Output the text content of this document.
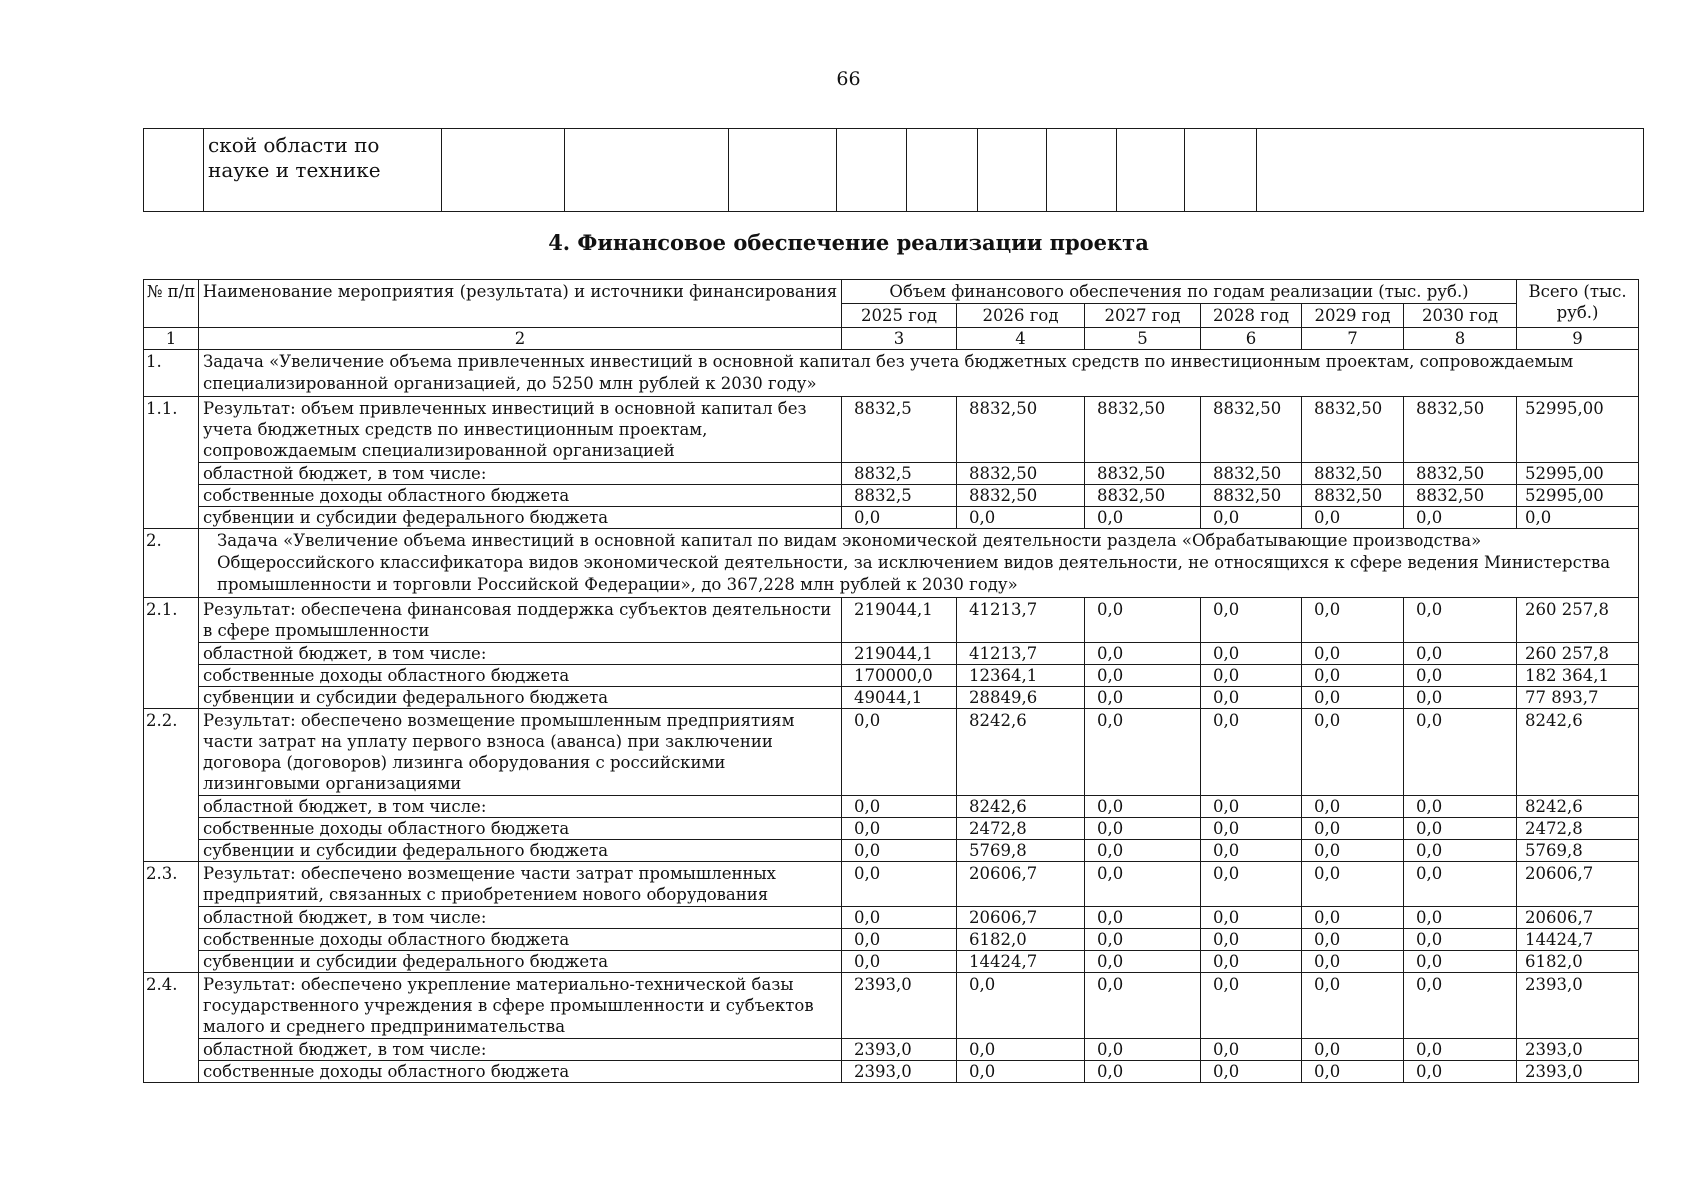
66
	ской области по науке и технике										
4. Финансовое обеспечение реализации проекта
№ п/п	Наименование мероприятия (результата) и источники финансирования	Объем финансового обеспечения по годам реализации (тыс. руб.)						Всего (тыс. руб.)
		2025 год	2026 год	2027 год	2028 год	2029 год	2030 год	
1	2	3	4	5	6	7	8	9
1.	Задача «Увеличение объема привлеченных инвестиций в основной капитал без учета бюджетных средств по инвестиционным проектам, сопровождаемым специализированной организацией, до 5250 млн рублей к 2030 году»							
1.1.	Результат: объем привлеченных инвестиций в основной капитал без учета бюджетных средств по инвестиционным проектам, сопровождаемым специализированной организацией	8832,5	8832,50	8832,50	8832,50	8832,50	8832,50	52995,00
	областной бюджет, в том числе:	8832,5	8832,50	8832,50	8832,50	8832,50	8832,50	52995,00
	собственные доходы областного бюджета	8832,5	8832,50	8832,50	8832,50	8832,50	8832,50	52995,00
	субвенции и субсидии федерального бюджета	0,0	0,0	0,0	0,0	0,0	0,0	0,0
2.	Задача «Увеличение объема инвестиций в основной капитал по видам экономической деятельности раздела «Обрабатывающие производства» Общероссийского классификатора видов экономической деятельности, за исключением видов деятельности, не относящихся к сфере ведения Министерства промышленности и торговли Российской Федерации», до 367,228 млн рублей к 2030 году»							
2.1.	Результат: обеспечена финансовая поддержка субъектов деятельности в сфере промышленности	219044,1	41213,7	0,0	0,0	0,0	0,0	260 257,8
	областной бюджет, в том числе:	219044,1	41213,7	0,0	0,0	0,0	0,0	260 257,8
	собственные доходы областного бюджета	170000,0	12364,1	0,0	0,0	0,0	0,0	182 364,1
	субвенции и субсидии федерального бюджета	49044,1	28849,6	0,0	0,0	0,0	0,0	77 893,7
2.2.	Результат: обеспечено возмещение промышленным предприятиям части затрат на уплату первого взноса (аванса) при заключении договора (договоров) лизинга оборудования с российскими лизинговыми организациями	0,0	8242,6	0,0	0,0	0,0	0,0	8242,6
	областной бюджет, в том числе:	0,0	8242,6	0,0	0,0	0,0	0,0	8242,6
	собственные доходы областного бюджета	0,0	2472,8	0,0	0,0	0,0	0,0	2472,8
	субвенции и субсидии федерального бюджета	0,0	5769,8	0,0	0,0	0,0	0,0	5769,8
2.3.	Результат: обеспечено возмещение части затрат промышленных предприятий, связанных с приобретением нового оборудования	0,0	20606,7	0,0	0,0	0,0	0,0	20606,7
	областной бюджет, в том числе:	0,0	20606,7	0,0	0,0	0,0	0,0	20606,7
	собственные доходы областного бюджета	0,0	6182,0	0,0	0,0	0,0	0,0	14424,7
	субвенции и субсидии федерального бюджета	0,0	14424,7	0,0	0,0	0,0	0,0	6182,0
2.4.	Результат: обеспечено укрепление материально-технической базы государственного учреждения в сфере промышленности и субъектов малого и среднего предпринимательства	2393,0	0,0	0,0	0,0	0,0	0,0	2393,0
	областной бюджет, в том числе:	2393,0	0,0	0,0	0,0	0,0	0,0	2393,0
	собственные доходы областного бюджета	2393,0	0,0	0,0	0,0	0,0	0,0	2393,0
